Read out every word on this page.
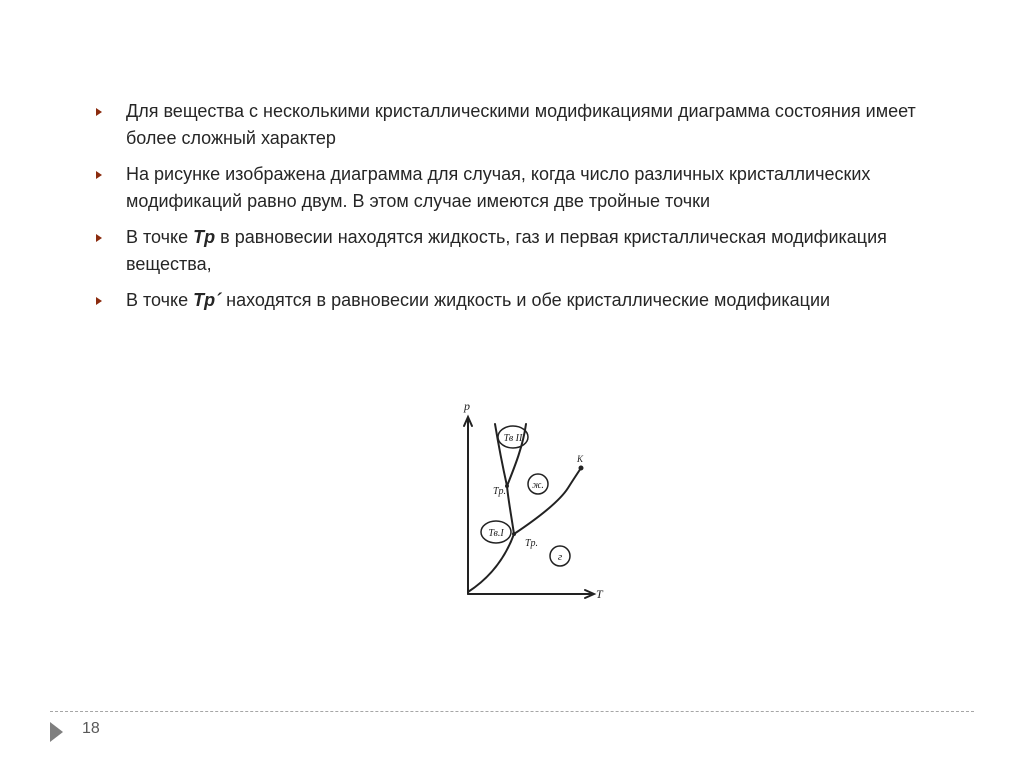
Для вещества с несколькими кристаллическими модификациями диаграмма состояния имеет более сложный характер
На рисунке изображена диаграмма для случая, когда число различных кристаллических модификаций равно двум. В этом случае имеются две тройные точки
В точке Tp в равновесии находятся жидкость, газ и первая кристаллическая модификация вещества,
В точке Tp´ находятся в равновесии жидкость и обе кристаллические модификации
Тв II
ж.
Тв.I
г
p
T
Tp.'
Tp.
К
18
